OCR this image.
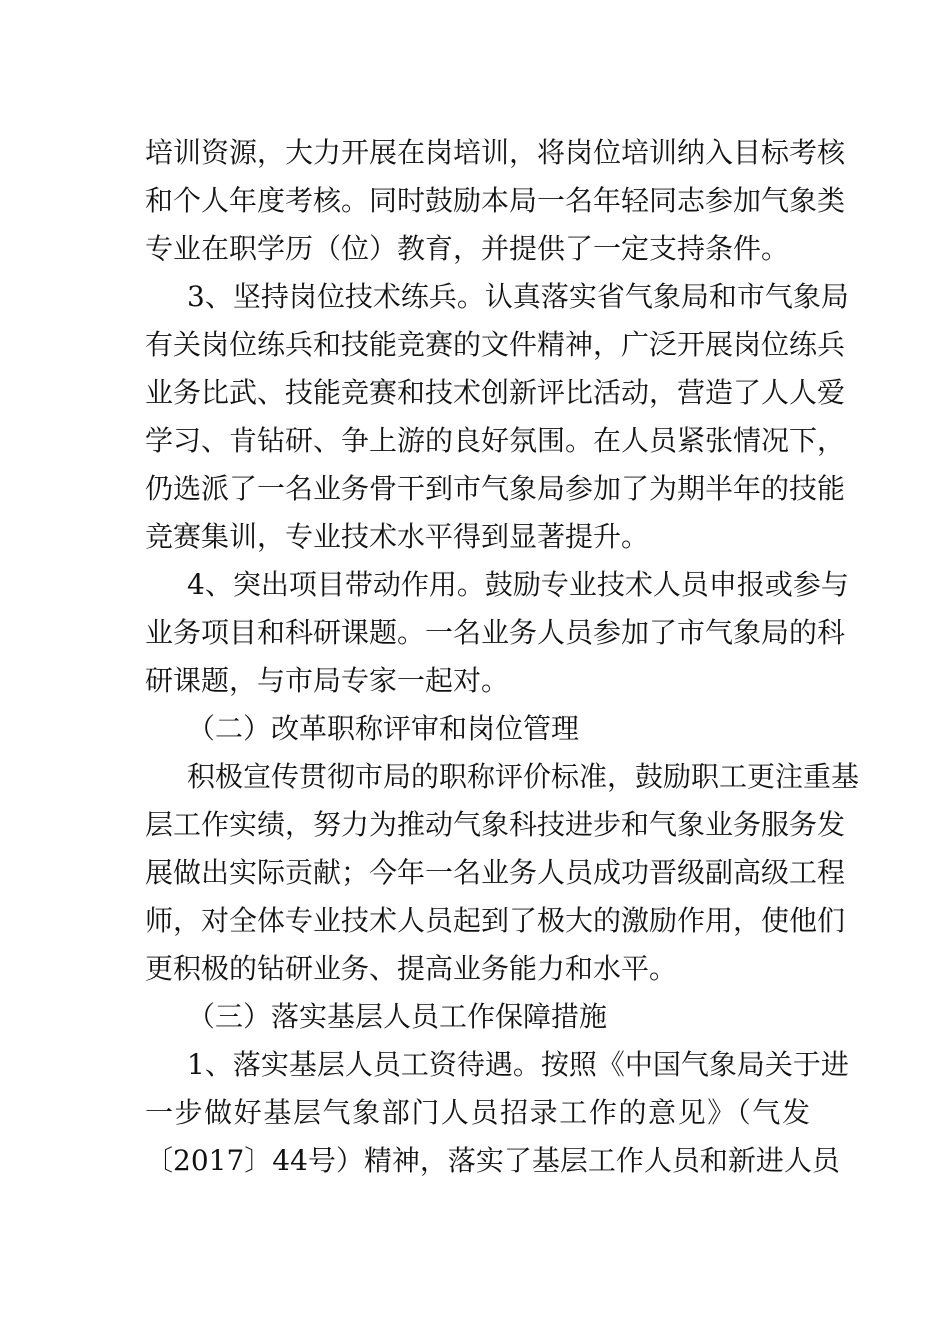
培训资源，大力开展在岗培训，将岗位培训纳入目标考核
和个人年度考核。同时鼓励本局一名年轻同志参加气象类
专业在职学历（位）教育，并提供了一定支持条件。
3、坚持岗位技术练兵。认真落实省气象局和市气象局
有关岗位练兵和技能竞赛的文件精神，广泛开展岗位练兵
业务比武、技能竞赛和技术创新评比活动，营造了人人爱
学习、肯钻研、争上游的良好氛围。在人员紧张情况下，
仍选派了一名业务骨干到市气象局参加了为期半年的技能
竞赛集训，专业技术水平得到显著提升。
4、突出项目带动作用。鼓励专业技术人员申报或参与
业务项目和科研课题。一名业务人员参加了市气象局的科
研课题，与市局专家一起对。
（二）改革职称评审和岗位管理
积极宣传贯彻市局的职称评价标准，鼓励职工更注重基
层工作实绩，努力为推动气象科技进步和气象业务服务发
展做出实际贡献；今年一名业务人员成功晋级副高级工程
师，对全体专业技术人员起到了极大的激励作用，使他们
更积极的钻研业务、提高业务能力和水平。
（三）落实基层人员工作保障措施
1、落实基层人员工资待遇。按照《中国气象局关于进
一步做好基层气象部门人员招录工作的意见》（气发
〔2017〕44号）精神，落实了基层工作人员和新进人员
